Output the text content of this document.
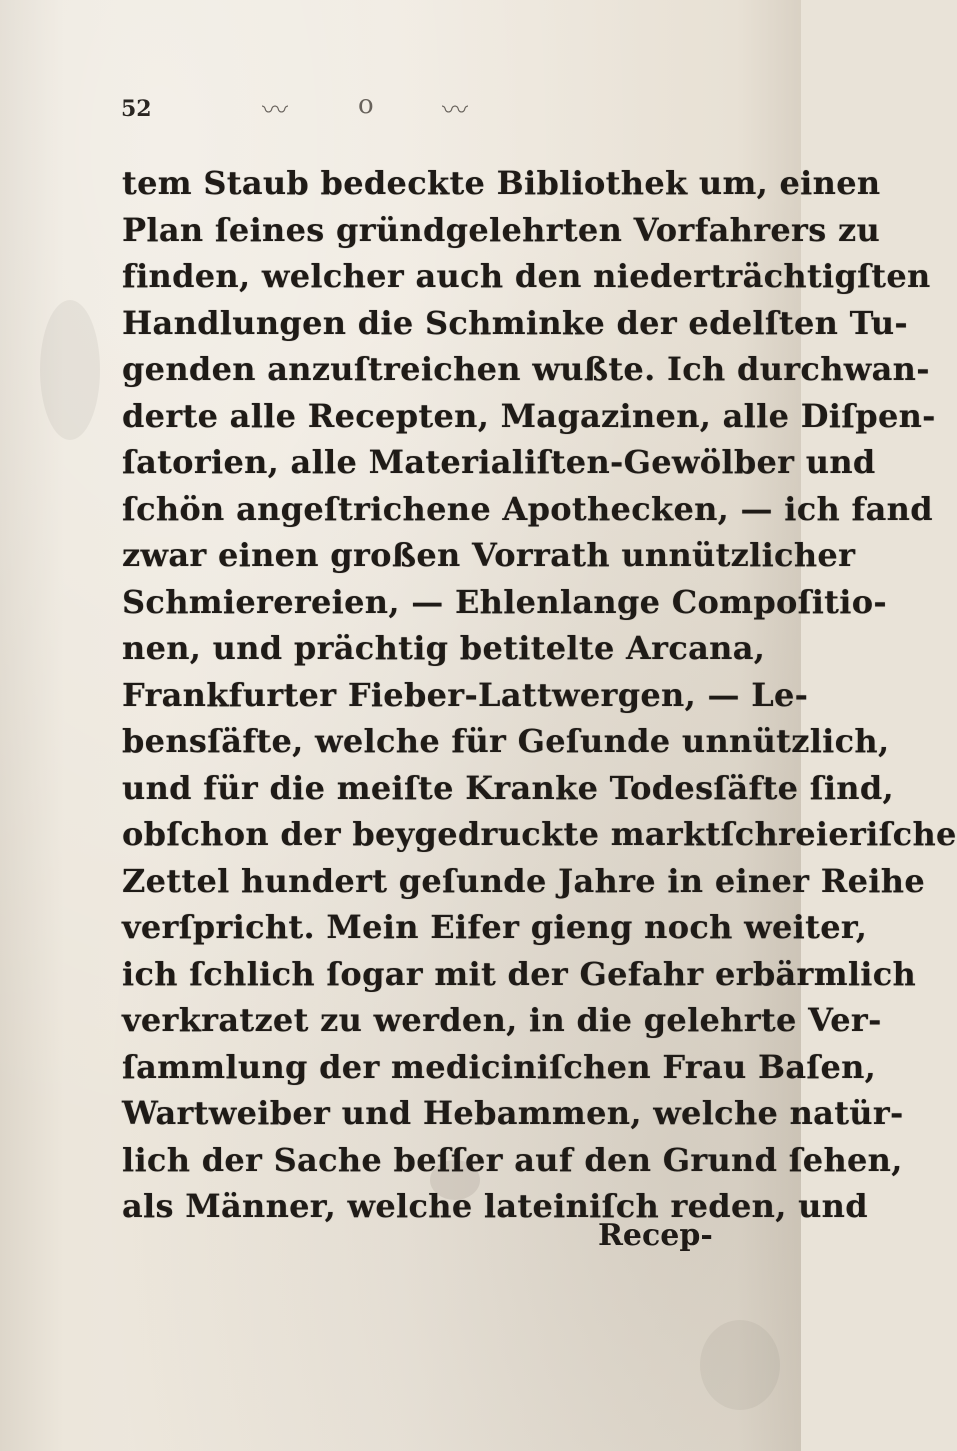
52	〰	o	〰
tem Staub bedeckte Bibliothek um, einen
Plan ſeines gründgelehrten Vorfahrers zu
finden, welcher auch den niederträchtigſten
Handlungen die Schminke der edelſten Tu-
genden anzuſtreichen wußte. Ich durchwan-
derte alle Recepten, Magazinen, alle Diſpen-
ſatorien, alle Materialiſten-Gewölber und
ſchön angeſtrichene Apothecken, — ich fand
zwar einen großen Vorrath unnützlicher
Schmierereien, — Ehlenlange Compoſitio-
nen, und prächtig betitelte Arcana,
Frankfurter Fieber-Lattwergen, — Le-
bensſäfte, welche für Geſunde unnützlich,
und für die meiſte Kranke Todesſäfte ſind,
obſchon der beygedruckte marktſchreieriſche
Zettel hundert geſunde Jahre in einer Reihe
verſpricht. Mein Eifer gieng noch weiter,
ich ſchlich ſogar mit der Gefahr erbärmlich
verkratzet zu werden, in die gelehrte Ver-
ſammlung der mediciniſchen Frau Baſen,
Wartweiber und Hebammen, welche natür-
lich der Sache beſſer auf den Grund ſehen,
als Männer, welche lateiniſch reden, und
Recep-
